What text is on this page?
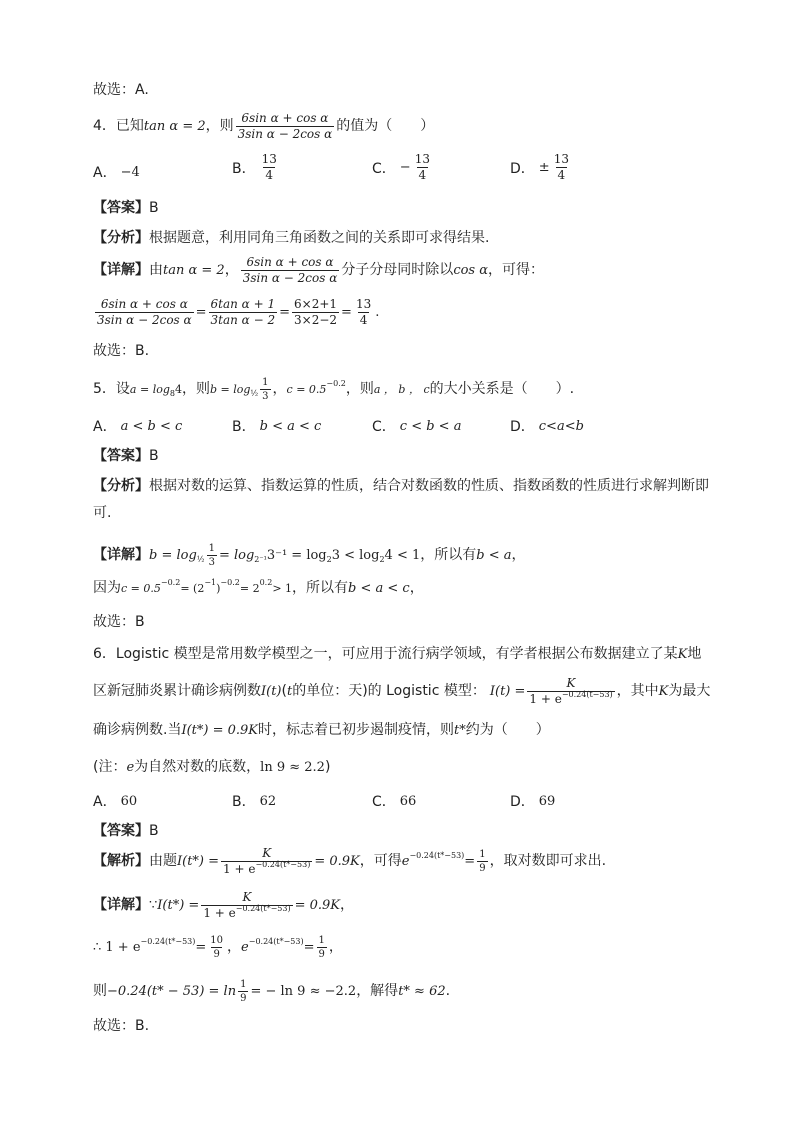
故选：A.
4．已知 tan α = 2 ，则 $\frac{\text{6sin α + cos α}}{\text{3sin α − 2cos α}}$ 的值为（　　）
A． −4	B． $\frac{13}{4}$	C． − $\frac{13}{4}$	D． ± $\frac{13}{4}$
【答案】 B
【分析】 根据题意，利用同角三角函数之间的关系即可求得结果.
【详解】 由 tan α = 2 ， $\frac{\text{6sin α + cos α}}{\text{3sin α − 2cos α}}$ 分子分母同时除以 cos α ，可得：
$\frac{\text{6sin α + cos α}}{\text{3sin α − 2cos α}} = \frac{\text{6tan α + 1}}{\text{3tan α − 2}} = \frac{6\times 2+1}{3\times 2-2} = \frac{13}{4}$ .
故选：B.
5．设 a = log 8 4 ，则 b = log ½ $\frac{1}{3}$ ， c = 0.5 −0.2 ，则 a ， b ， c 的大小关系是（　　）.
A． a < b < c	B． b < a < c	C． c < b < a	D． c<a<b
【答案】 B
【分析】根据对数的运算、指数运算的性质，结合对数函数的性质、指数函数的性质进行求解判断即可.
【详解】 b = log ½ $\frac{1}{3} = \log 2^{-1}$ 3⁻¹ = log 2 3 < log 2 4 < 1 ，所以有 b < a ，
因为 c = 0.5 −0.2 = (2 −1 ) −0.2 = 2 0.2 > 1 ，所以有 b < a < c ，
故选：B
6．Logistic 模型是常用数学模型之一，可应用于流行病学领域，有学者根据公布数据建立了某 K 地
区新冠肺炎累计确诊病例数 I(t) ( t 的单位：天)的 Logistic 模型： $I(t) = \frac{K}{1 + e^{-0.24(t-53)}}$ ，其中 K 为最大
确诊病例数.当 I(t*) = 0.9K 时，标志着已初步遏制疫情，则 t* 约为（　　）
(注： e 为自然对数的底数， ln 9 ≈ 2.2 )
A． 60	B． 62	C． 66	D． 69
【答案】 B
【解析】 由题 $I(t*) = \frac{K}{1 + e^{-0.24(t*-53)}} = 0.9K$ ，可得 $e -0.24(t*-53) = \frac{1}{9}$ ，取对数即可求出.
【详解】 ∵ $I(t*) = \frac{K}{1 + e^{-0.24(t*-53)}} = 0.9K$ ，
∴ $1 + e -0.24(t*-53) = \frac{10}{9}$ ， $e -0.24(t*-53) = \frac{1}{9}$ ，
则 $-0.24(t* - 53) = \ln \frac{1}{9}$ = − ln 9 ≈ −2.2 ，解得 t* ≈ 62 .
故选：B.
